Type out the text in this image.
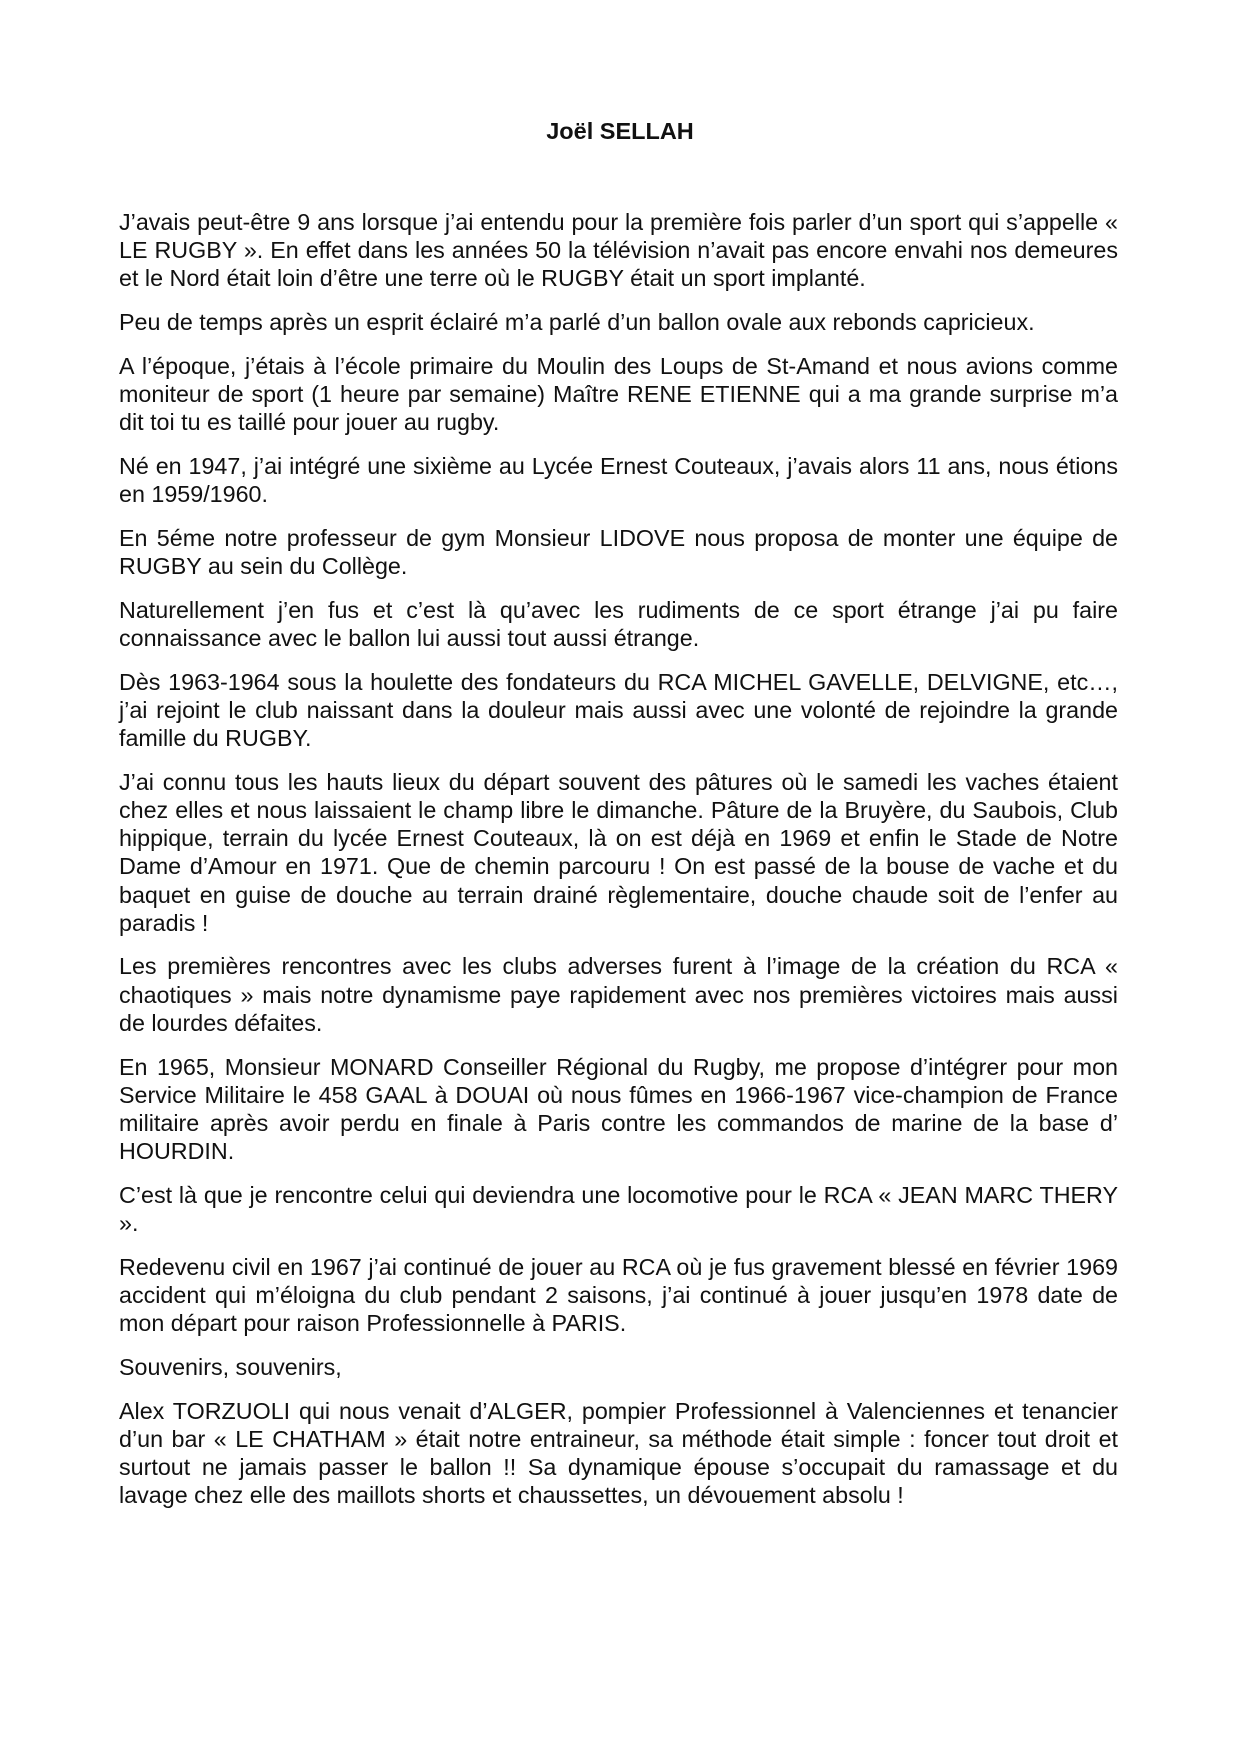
Joël SELLAH

J’avais peut-être 9 ans lorsque j’ai entendu pour la première fois parler d’un sport qui s’appelle « LE RUGBY ». En effet dans les années 50 la télévision n’avait pas encore envahi nos demeures et le Nord était loin d’être une terre où le RUGBY était un sport implanté.

Peu de temps après un esprit éclairé m’a parlé d’un ballon ovale aux rebonds capricieux.

A l’époque, j’étais à l’école primaire du Moulin des Loups de St-Amand et nous avions comme moniteur de sport (1 heure par semaine) Maître RENE ETIENNE qui a ma grande surprise m’a dit toi tu es taillé pour jouer au rugby.

Né en 1947, j’ai intégré une sixième au Lycée Ernest Couteaux, j’avais alors 11 ans, nous étions en 1959/1960.

En 5éme notre professeur de gym Monsieur LIDOVE nous proposa de monter une équipe de RUGBY au sein du Collège.

Naturellement j’en fus et c’est là qu’avec les rudiments de ce sport étrange j’ai pu faire connaissance avec le ballon lui aussi tout aussi étrange.

Dès 1963-1964 sous la houlette des fondateurs du RCA MICHEL GAVELLE, DELVIGNE, etc…, j’ai rejoint le club naissant dans la douleur mais aussi avec une volonté de rejoindre la grande famille du RUGBY.

J’ai connu tous les hauts lieux du départ souvent des pâtures où le samedi les vaches étaient chez elles et nous laissaient le champ libre le dimanche. Pâture de la Bruyère, du Saubois, Club hippique, terrain du lycée Ernest Couteaux, là on est déjà en 1969 et enfin le Stade de Notre Dame d’Amour en 1971. Que de chemin parcouru ! On est passé de la bouse de vache et du baquet en guise de douche au terrain drainé règlementaire, douche chaude soit de l’enfer au paradis !

Les premières rencontres avec les clubs adverses furent à l’image de la création du RCA « chaotiques » mais notre dynamisme paye rapidement avec nos premières victoires mais aussi de lourdes défaites.

En 1965, Monsieur MONARD Conseiller Régional du Rugby, me propose d’intégrer pour mon Service Militaire le 458 GAAL à DOUAI où nous fûmes en 1966-1967 vice-champion de France militaire après avoir perdu en finale à Paris contre les commandos de marine de la base d’ HOURDIN.

C’est là que je rencontre celui qui deviendra une locomotive pour le RCA « JEAN MARC THERY ».

Redevenu civil en 1967 j’ai continué de jouer au RCA où je fus gravement blessé en février 1969 accident qui m’éloigna du club pendant 2 saisons, j’ai continué à jouer jusqu’en 1978 date de mon départ pour raison Professionnelle à PARIS.

Souvenirs, souvenirs,

Alex TORZUOLI qui nous venait d’ALGER, pompier Professionnel à Valenciennes et tenancier d’un bar « LE CHATHAM » était notre entraineur, sa méthode était simple : foncer tout droit et surtout ne jamais passer le ballon !! Sa dynamique épouse s’occupait du ramassage et du lavage chez elle des maillots shorts et chaussettes, un dévouement absolu !
